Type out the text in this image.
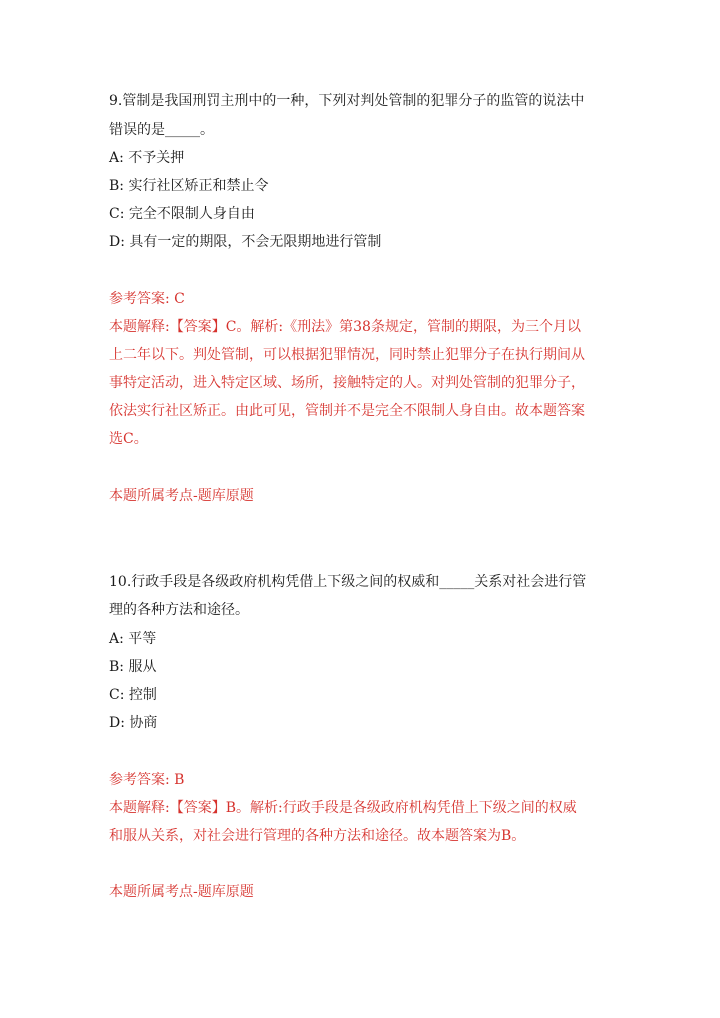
9.管制是我国刑罚主刑中的一种，下列对判处管制的犯罪分子的监管的说法中
错误的是_____。
A: 不予关押
B: 实行社区矫正和禁止令
C: 完全不限制人身自由
D: 具有一定的期限，不会无限期地进行管制
参考答案: C
本题解释:【答案】C。解析:《刑法》第38条规定，管制的期限，为三个月以
上二年以下。判处管制，可以根据犯罪情况，同时禁止犯罪分子在执行期间从
事特定活动，进入特定区域、场所，接触特定的人。对判处管制的犯罪分子，
依法实行社区矫正。由此可见，管制并不是完全不限制人身自由。故本题答案
选C。
本题所属考点-题库原题
10.行政手段是各级政府机构凭借上下级之间的权威和_____关系对社会进行管
理的各种方法和途径。
A: 平等
B: 服从
C: 控制
D: 协商
参考答案: B
本题解释:【答案】B。解析:行政手段是各级政府机构凭借上下级之间的权威
和服从关系，对社会进行管理的各种方法和途径。故本题答案为B。
本题所属考点-题库原题
